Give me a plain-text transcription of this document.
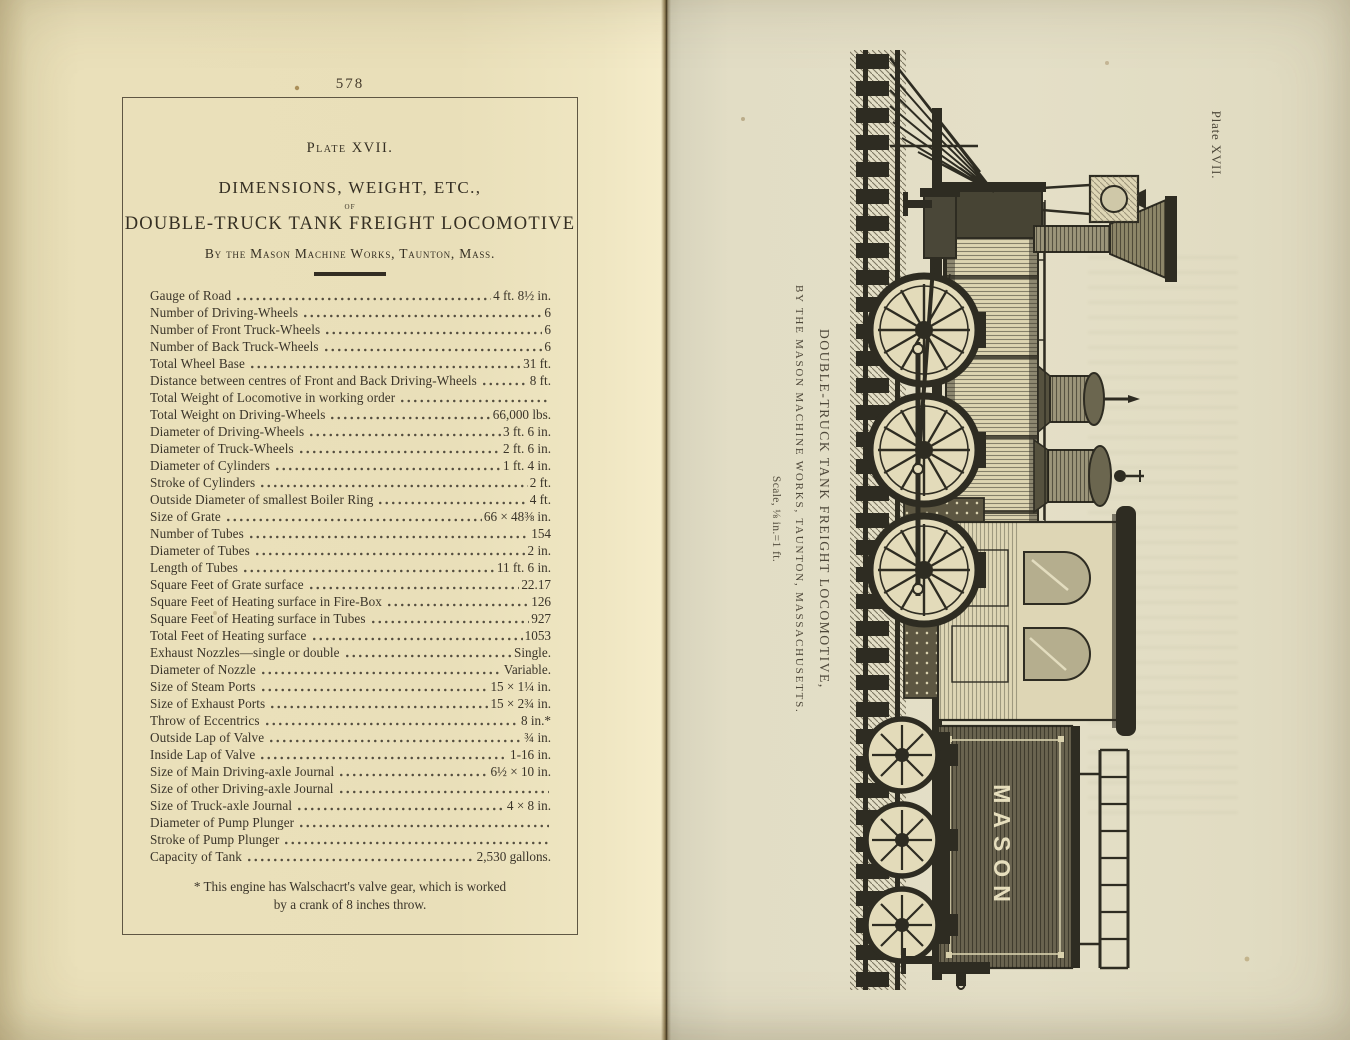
578
Plate XVII.
DIMENSIONS, WEIGHT, ETC.,
of
DOUBLE-TRUCK TANK FREIGHT LOCOMOTIVE
By the Mason Machine Works, Taunton, Mass.
Gauge of Road	4 ft. 8½ in.
Number of Driving-Wheels	6
Number of Front Truck-Wheels	6
Number of Back Truck-Wheels	6
Total Wheel Base	31 ft.
Distance between centres of Front and Back Driving-Wheels	8 ft.
Total Weight of Locomotive in working order
Total Weight on Driving-Wheels	66,000 lbs.
Diameter of Driving-Wheels	3 ft. 6 in.
Diameter of Truck-Wheels	2 ft. 6 in.
Diameter of Cylinders	1 ft. 4 in.
Stroke of Cylinders	2 ft.
Outside Diameter of smallest Boiler Ring	4 ft.
Size of Grate	66 × 48⅜ in.
Number of Tubes	154
Diameter of Tubes	2 in.
Length of Tubes	11 ft. 6 in.
Square Feet of Grate surface	22.17
Square Feet of Heating surface in Fire-Box	126
Square Feet of Heating surface in Tubes	927
Total Feet of Heating surface	1053
Exhaust Nozzles—single or double	Single.
Diameter of Nozzle	Variable.
Size of Steam Ports	15 × 1¼ in.
Size of Exhaust Ports	15 × 2¾ in.
Throw of Eccentrics	8 in.*
Outside Lap of Valve	¾ in.
Inside Lap of Valve	1-16 in.
Size of Main Driving-axle Journal	6½ × 10 in.
Size of other Driving-axle Journal
Size of Truck-axle Journal	4 × 8 in.
Diameter of Pump Plunger
Stroke of Pump Plunger
Capacity of Tank	2,530 gallons.
* This engine has Walschacrt's valve gear, which is worked
by a crank of 8 inches throw.
DOUBLE-TRUCK TANK FREIGHT LOCOMOTIVE,
BY THE MASON MACHINE WORKS, TAUNTON, MASSACHUSETTS.
Scale, ⅛ in.=1 ft.
Plate XVII.
MASON
